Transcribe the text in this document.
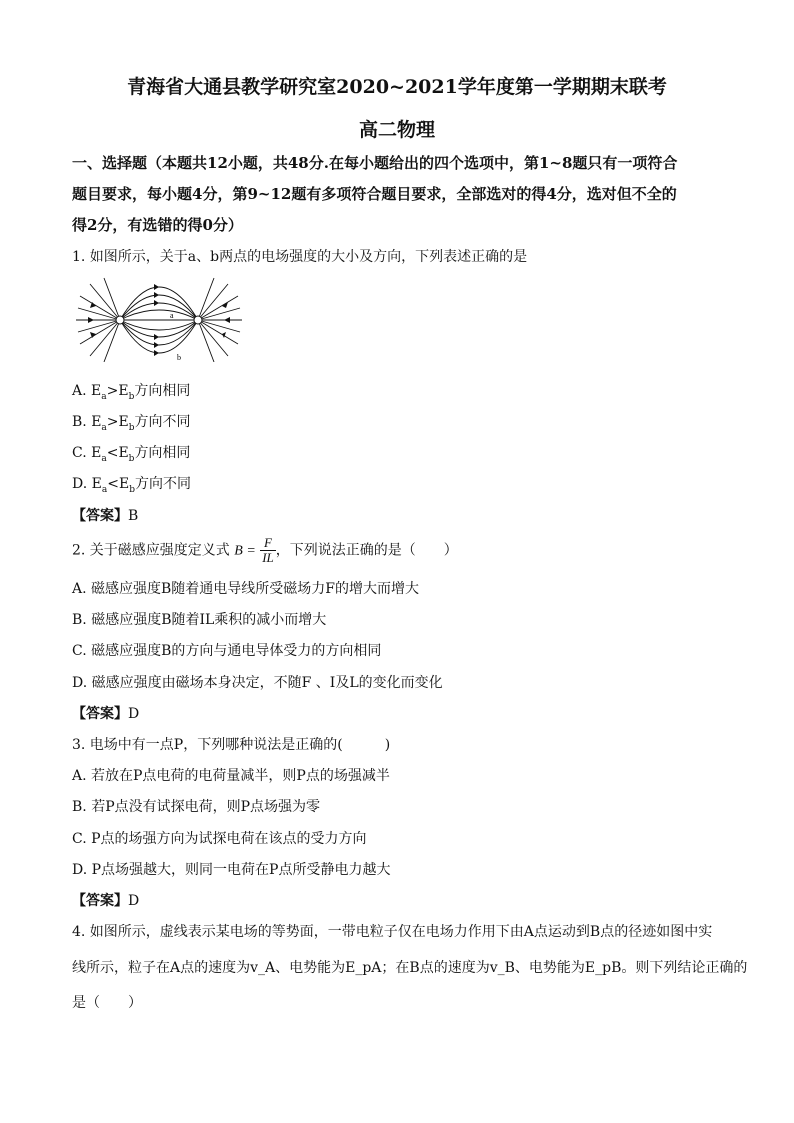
青海省大通县教学研究室2020~2021学年度第一学期期末联考
高二物理
一、选择题（本题共12小题，共48分.在每小题给出的四个选项中，第1~8题只有一项符合
题目要求，每小题4分，第9~12题有多项符合题目要求，全部选对的得4分，选对但不全的
得2分，有选错的得0分）
1. 如图所示，关于a、b两点的电场强度的大小及方向，下列表述正确的是
a
b
A. $E_a>E_b$方向相同
B. $E_a>E_b$方向不同
C. $E_a<E_b$方向相同
D. $E_a<E_b$方向不同
【答案】B
2. 关于磁感应强度定义式 $B = \frac{F}{IL}$ ，下列说法正确的是（　　）
A. 磁感应强度B随着通电导线所受磁场力F的增大而增大
B. 磁感应强度B随着IL乘积的减小而增大
C. 磁感应强度B的方向与通电导体受力的方向相同
D. 磁感应强度由磁场本身决定，不随F 、I及L的变化而变化
【答案】D
3. 电场中有一点P，下列哪种说法是正确的(　　　)
A. 若放在P点电荷的电荷量减半，则P点的场强减半
B. 若P点没有试探电荷，则P点场强为零
C. P点的场强方向为试探电荷在该点的受力方向
D. P点场强越大，则同一电荷在P点所受静电力越大
【答案】D
4. 如图所示，虚线表示某电场的等势面，一带电粒子仅在电场力作用下由A点运动到B点的径迹如图中实
线所示，粒子在A点的速度为v_A、电势能为E_pA；在B点的速度为v_B、电势能为E_pB。则下列结论正确的
是（　　）
